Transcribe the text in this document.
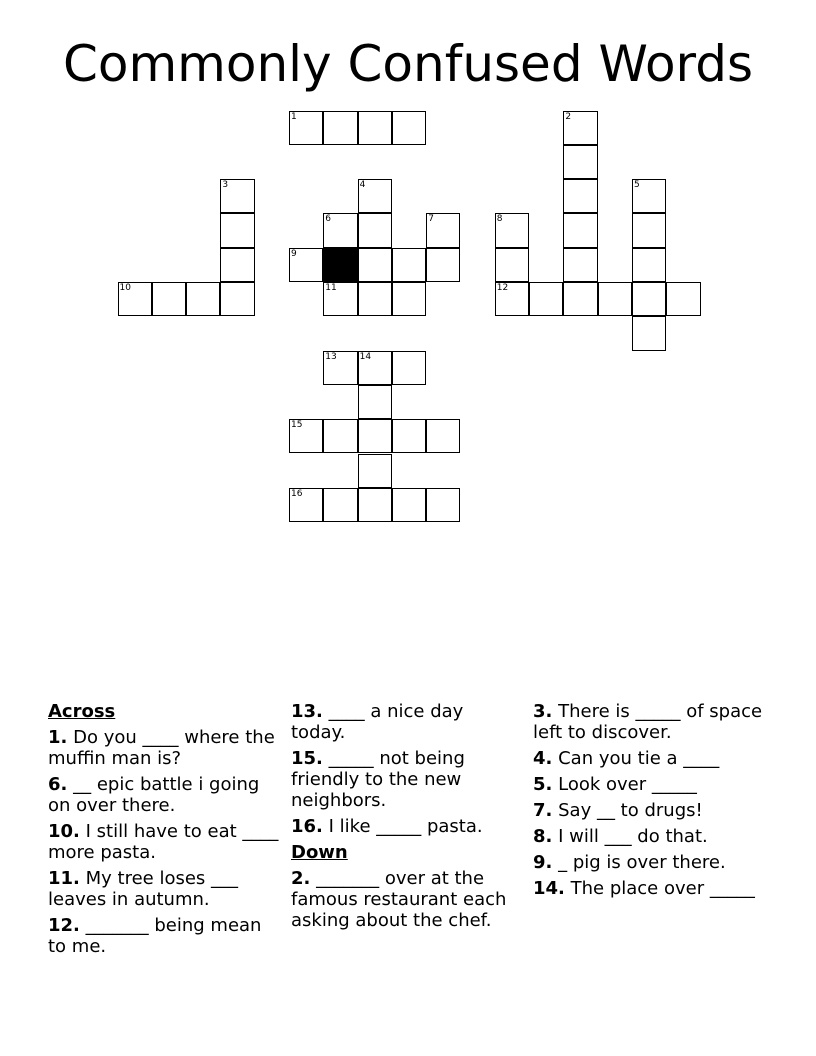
Commonly Confused Words
1	2
3	4	5
6	7	8
9
10	11	12
13	14
15
16
Across
1. Do you ____ where the muffin man is?
6. __ epic battle i going on over there.
10. I still have to eat ____ more pasta.
11. My tree loses ___ leaves in autumn.
12. _______ being mean to me.
13. ____ a nice day today.
15. _____ not being friendly to the new neighbors.
16. I like _____ pasta.
Down
2. _______ over at the famous restaurant each asking about the chef.
3. There is _____ of space left to discover.
4. Can you tie a ____
5. Look over _____
7. Say __ to drugs!
8. I will ___ do that.
9. _ pig is over there.
14. The place over _____
